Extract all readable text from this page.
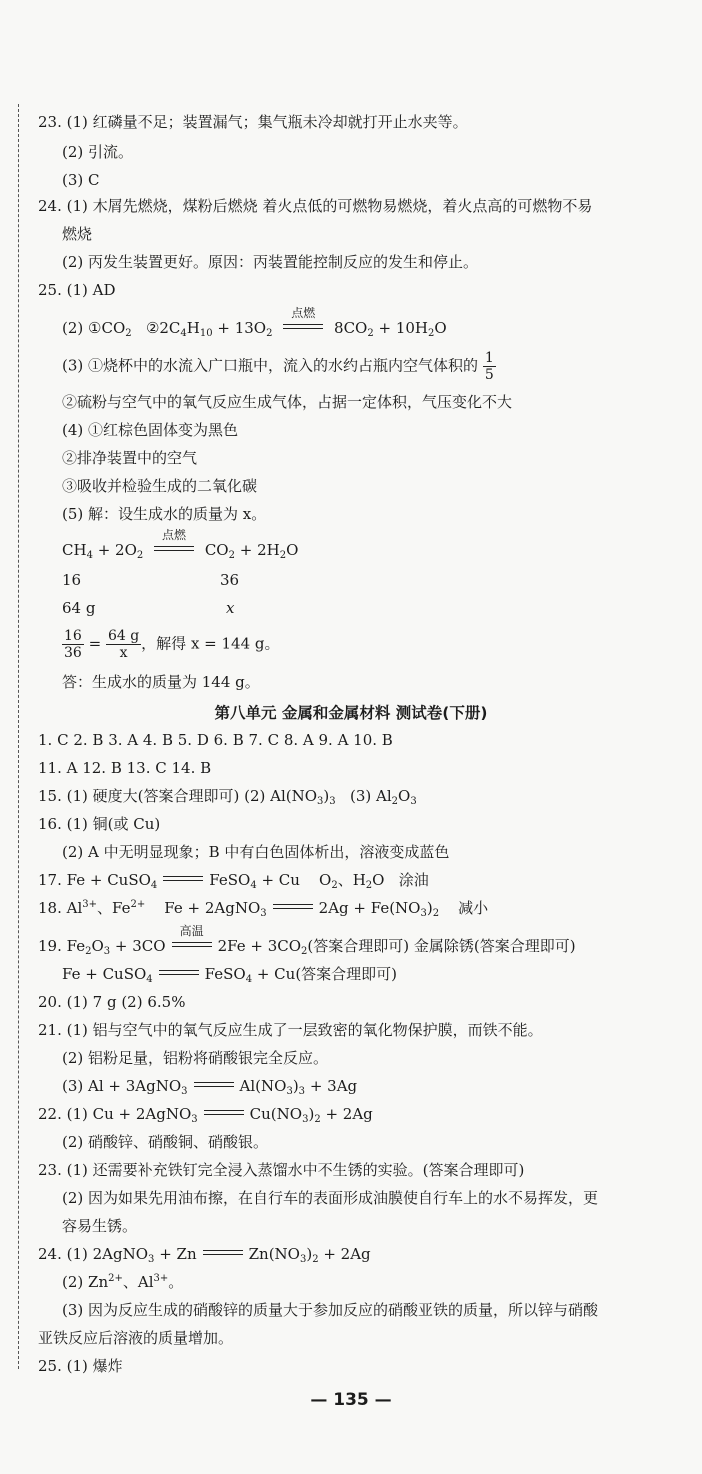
23. (1) 红磷量不足；装置漏气；集气瓶未冷却就打开止水夹等。
(2) 引流。
(3) C
24. (1) 木屑先燃烧，煤粉后燃烧 着火点低的可燃物易燃烧，着火点高的可燃物不易
燃烧
(2) 丙发生装置更好。原因：丙装置能控制反应的发生和停止。
25. (1) AD
(2) $①CO_2$ $②2C_4H_{10} + 13O_2$
点燃
$8CO_2 + 10H_2O$
(3) ①烧杯中的水流入广口瓶中，流入的水约占瓶内空气体积的 $\frac{1}{5}$
②硫粉与空气中的氧气反应生成气体，占据一定体积，气压变化不大
(4) ①红棕色固体变为黑色
②排净装置中的空气
③吸收并检验生成的二氧化碳
(5) 解：设生成水的质量为 x。
$CH_4 + 2O_2$
点燃
$CO_2 + 2H_2O$
16	36
64 g	x
$\frac{16}{36} = \frac{64 g}{x}$ ，解得 x = 144 g。
答：生成水的质量为 144 g。
第八单元 金属和金属材料 测试卷(下册)
1. C 2. B 3. A 4. B 5. D 6. B 7. C 8. A 9. A 10. B
11. A 12. B 13. C 14. B
15. (1) 硬度大(答案合理即可) (2) $Al(NO_3)_3$ (3) $Al_2O_3$
16. (1) 铜(或 Cu)
(2) A 中无明显现象；B 中有白色固体析出，溶液变成蓝色
17. Fe + CuSO$_4$	FeSO$_4$ + Cu    $O_2$、$H_2O$   涂油
18. $Al^{3+}$、$Fe^{2+}$    Fe + 2AgNO$_3$	$2Ag + Fe(NO_3)_2$ 减小
19. $Fe_2O_3 + 3CO$
高温
$2Fe + 3CO_2$(答案合理即可) 金属除锈(答案合理即可)
Fe + CuSO$_4$	FeSO$_4$ + Cu(答案合理即可)
20. (1) 7 g (2) 6.5%
21. (1) 铝与空气中的氧气反应生成了一层致密的氧化物保护膜，而铁不能。
(2) 铝粉足量，铝粉将硝酸银完全反应。
(3) Al + 3AgNO$_3$	$Al(NO_3)_3 + 3Ag$
22. (1) Cu + 2AgNO$_3$	$Cu(NO_3)_2 + 2Ag$
(2) 硝酸锌、硝酸铜、硝酸银。
23. (1) 还需要补充铁钉完全浸入蒸馏水中不生锈的实验。(答案合理即可)
(2) 因为如果先用油布擦，在自行车的表面形成油膜使自行车上的水不易挥发，更
容易生锈。
24. (1) 2AgNO$_3$ + Zn	$Zn(NO_3)_2 + 2Ag$
(2) $Zn^{2+}$、$Al^{3+}$。
(3) 因为反应生成的硝酸锌的质量大于参加反应的硝酸亚铁的质量，所以锌与硝酸
亚铁反应后溶液的质量增加。
25. (1) 爆炸
— 135 —
